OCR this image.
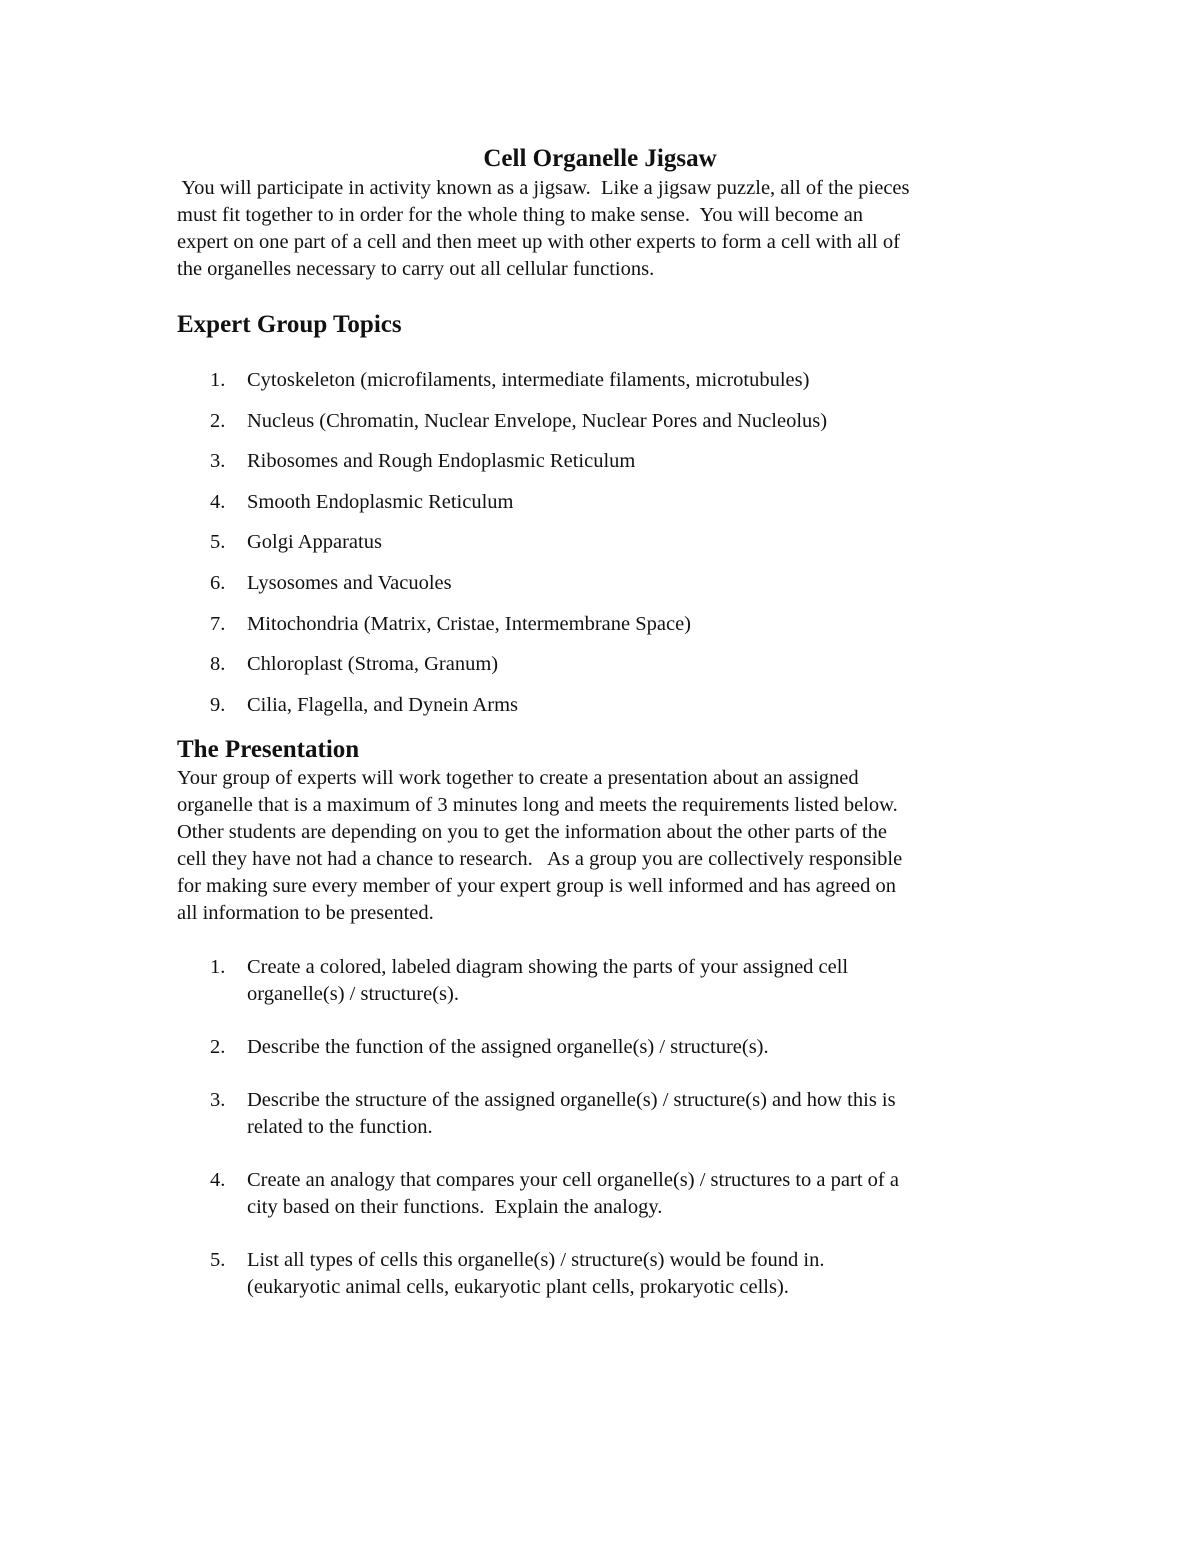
Cell Organelle Jigsaw
You will participate in activity known as a jigsaw.  Like a jigsaw puzzle, all of the pieces
must fit together to in order for the whole thing to make sense.  You will become an
expert on one part of a cell and then meet up with other experts to form a cell with all of
the organelles necessary to carry out all cellular functions.
Expert Group Topics
1.	Cytoskeleton (microfilaments, intermediate filaments, microtubules)
2.	Nucleus (Chromatin, Nuclear Envelope, Nuclear Pores and Nucleolus)
3.	Ribosomes and Rough Endoplasmic Reticulum
4.	Smooth Endoplasmic Reticulum
5.	Golgi Apparatus
6.	Lysosomes and Vacuoles
7.	Mitochondria (Matrix, Cristae, Intermembrane Space)
8.	Chloroplast (Stroma, Granum)
9.	Cilia, Flagella, and Dynein Arms
The Presentation
Your group of experts will work together to create a presentation about an assigned
organelle that is a maximum of 3 minutes long and meets the requirements listed below.
Other students are depending on you to get the information about the other parts of the
cell they have not had a chance to research.   As a group you are collectively responsible
for making sure every member of your expert group is well informed and has agreed on
all information to be presented.
1.	Create a colored, labeled diagram showing the parts of your assigned cell
organelle(s) / structure(s).
2.	Describe the function of the assigned organelle(s) / structure(s).
3.	Describe the structure of the assigned organelle(s) / structure(s) and how this is
related to the function.
4.	Create an analogy that compares your cell organelle(s) / structures to a part of a
city based on their functions.  Explain the analogy.
5.	List all types of cells this organelle(s) / structure(s) would be found in.
(eukaryotic animal cells, eukaryotic plant cells, prokaryotic cells).
